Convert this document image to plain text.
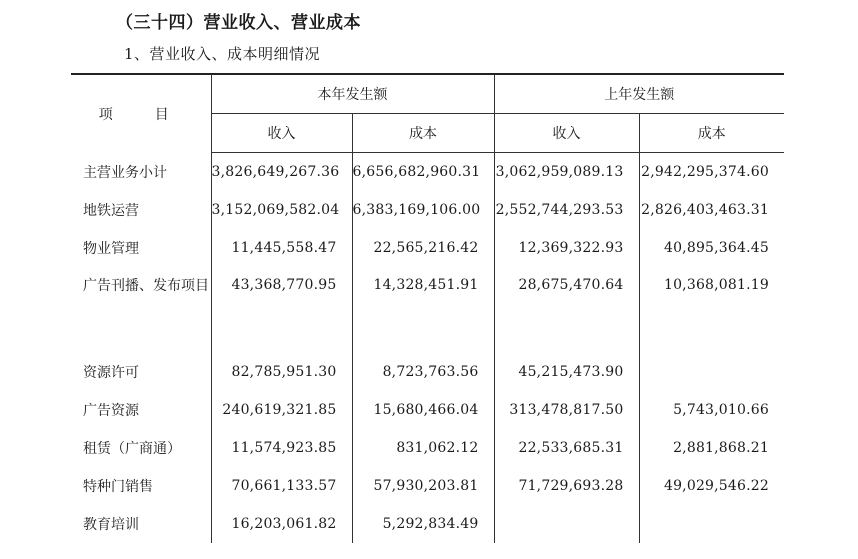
（三十四）营业收入、营业成本
1、营业收入、成本明细情况
项　目	本年发生额		上年发生额	
	收入	成本	收入	成本
主营业务小计	3,826,649,267.36	6,656,682,960.31	3,062,959,089.13	2,942,295,374.60
地铁运营	3,152,069,582.04	6,383,169,106.00	2,552,744,293.53	2,826,403,463.31
物业管理	11,445,558.47	22,565,216.42	12,369,322.93	40,895,364.45
广告刊播、发布项目	43,368,770.95	14,328,451.91	28,675,470.64	10,368,081.19
资源许可	82,785,951.30	8,723,763.56	45,215,473.90	
广告资源	240,619,321.85	15,680,466.04	313,478,817.50	5,743,010.66
租赁（广商通）	11,574,923.85	831,062.12	22,533,685.31	2,881,868.21
特种门销售	70,661,133.57	57,930,203.81	71,729,693.28	49,029,546.22
教育培训	16,203,061.82	5,292,834.49		
